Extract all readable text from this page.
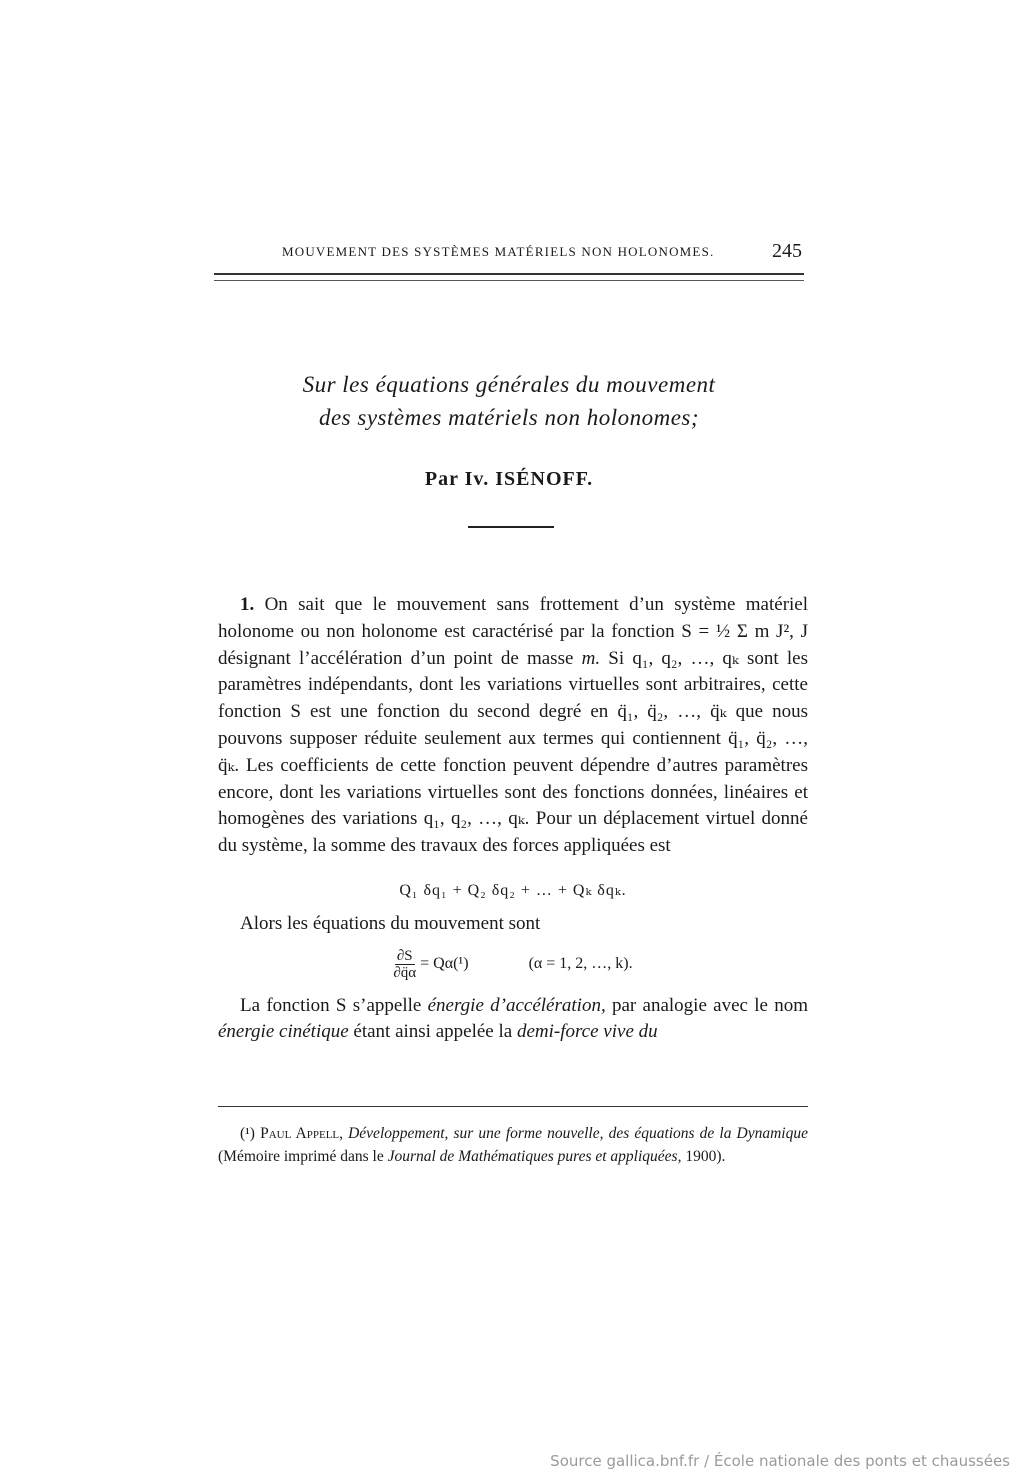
MOUVEMENT DES SYSTÈMES MATÉRIELS NON HOLONOMES.	245
Sur les équations générales du mouvement
des systèmes matériels non holonomes;
Par Iv. ISÉNOFF.

1. On sait que le mouvement sans frottement d’un système matériel holonome ou non holonome est caractérisé par la fonction S = ½ Σ m J², J désignant l’accélération d’un point de masse m. Si q₁, q₂, …, qₖ sont les paramètres indépendants, dont les variations virtuelles sont arbitraires, cette fonction S est une fonction du second degré en q̈₁, q̈₂, …, q̈ₖ que nous pouvons supposer réduite seulement aux termes qui contiennent q̈₁, q̈₂, …, q̈ₖ. Les coefficients de cette fonction peuvent dépendre d’autres paramètres encore, dont les variations virtuelles sont des fonctions données, linéaires et homogènes des variations q₁, q₂, …, qₖ. Pour un déplacement virtuel donné du système, la somme des travaux des forces appliquées est

Q₁ δq₁ + Q₂ δq₂ + … + Qₖ δqₖ.

Alors les équations du mouvement sont

$\frac{\partial S}{\partial q̈\alpha} = Q\alpha(^1)$	(α = 1, 2, …, k).

La fonction S s’appelle énergie d’accélération, par analogie avec le nom énergie cinétique étant ainsi appelée la demi-force vive du

(¹) Paul Appell, Développement, sur une forme nouvelle, des équations de la Dynamique (Mémoire imprimé dans le Journal de Mathématiques pures et appliquées, 1900).
Source gallica.bnf.fr / École nationale des ponts et chaussées
